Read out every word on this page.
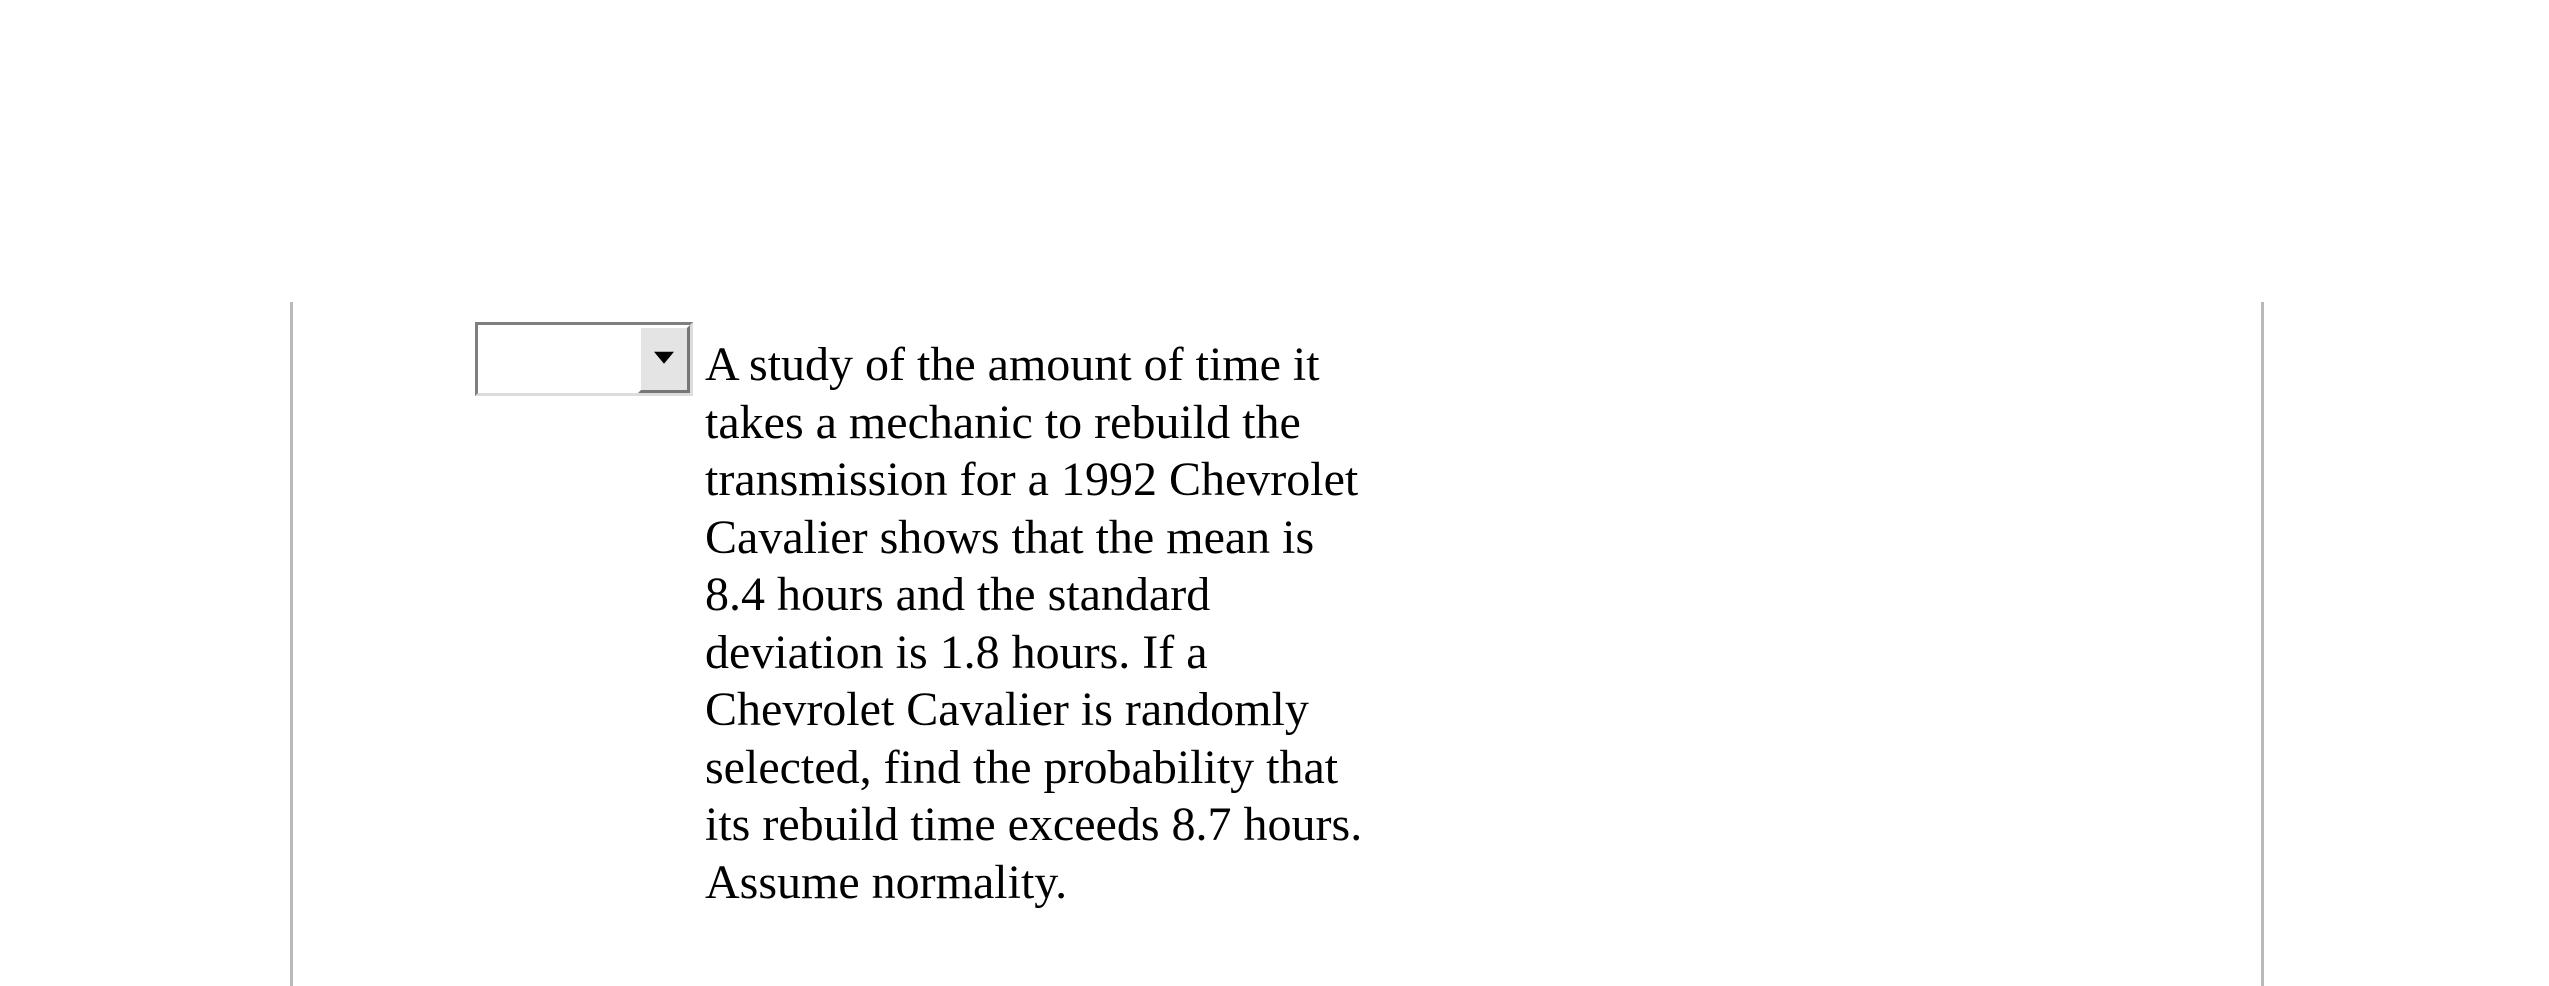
A study of the amount of time it
takes a mechanic to rebuild the
transmission for a 1992 Chevrolet
Cavalier shows that the mean is
8.4 hours and the standard
deviation is 1.8 hours. If a
Chevrolet Cavalier is randomly
selected, find the probability that
its rebuild time exceeds 8.7 hours.
Assume normality.
